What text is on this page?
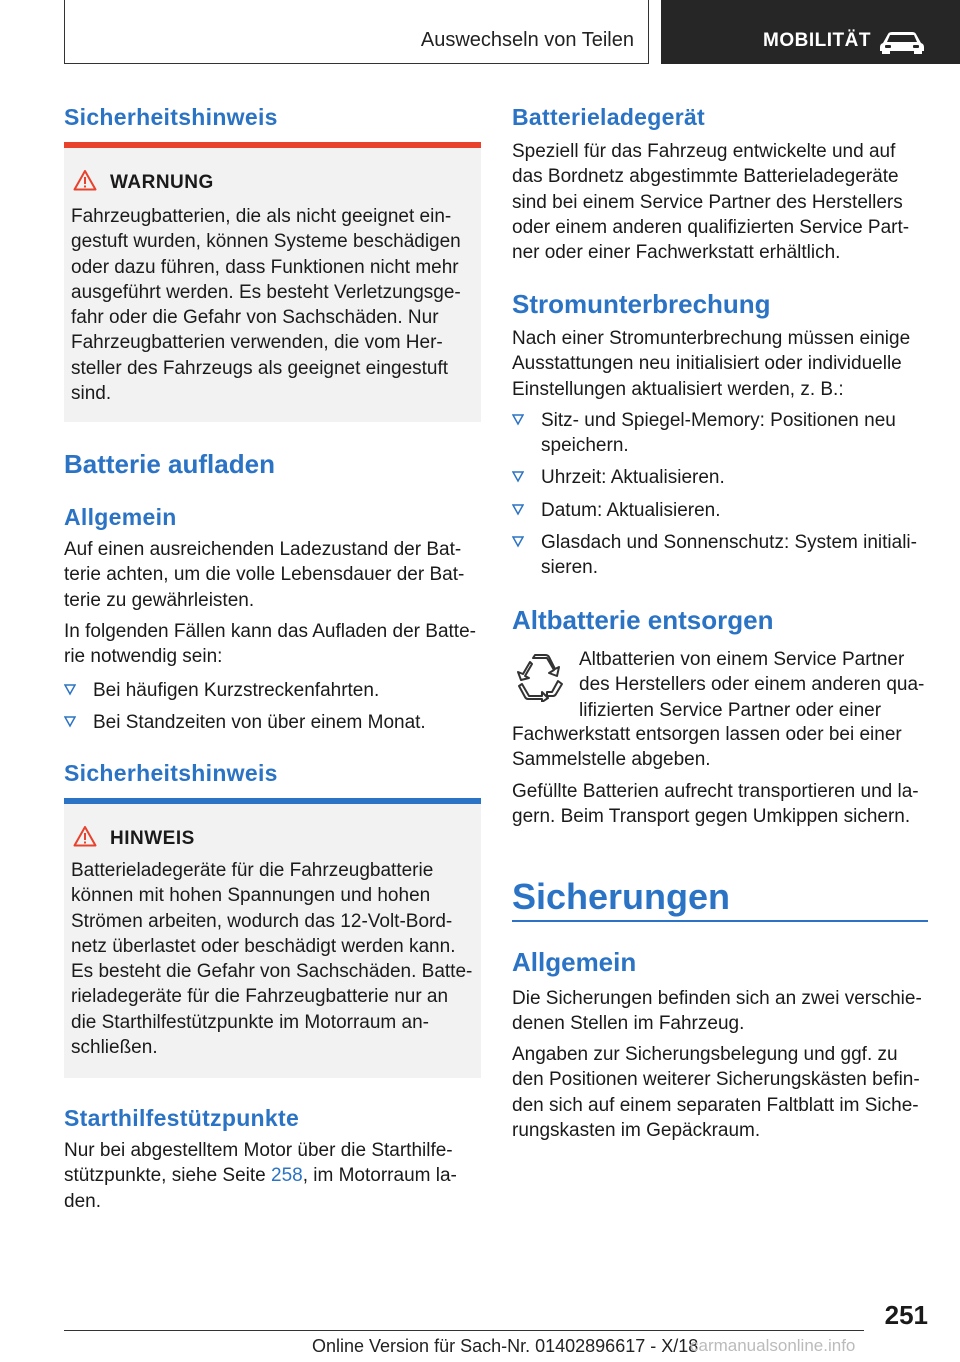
Auswechseln von Teilen	MOBILITÄT
Sicherheitshinweis
WARNUNG
Fahrzeugbatterien, die als nicht geeignet ein-
gestuft wurden, können Systeme beschädigen
oder dazu führen, dass Funktionen nicht mehr
ausgeführt werden. Es besteht Verletzungsge-
fahr oder die Gefahr von Sachschäden. Nur
Fahrzeugbatterien verwenden, die vom Her-
steller des Fahrzeugs als geeignet eingestuft
sind.
Batterie aufladen
Allgemein
Auf einen ausreichenden Ladezustand der Bat-
terie achten, um die volle Lebensdauer der Bat-
terie zu gewährleisten.
In folgenden Fällen kann das Aufladen der Batte-
rie notwendig sein:
Bei häufigen Kurzstreckenfahrten.
Bei Standzeiten von über einem Monat.
Sicherheitshinweis
HINWEIS
Batterieladegeräte für die Fahrzeugbatterie
können mit hohen Spannungen und hohen
Strömen arbeiten, wodurch das 12-Volt-Bord-
netz überlastet oder beschädigt werden kann.
Es besteht die Gefahr von Sachschäden. Batte-
rieladegeräte für die Fahrzeugbatterie nur an
die Starthilfestützpunkte im Motorraum an-
schließen.
Starthilfestützpunkte
Nur bei abgestelltem Motor über die Starthilfe-
stützpunkte, siehe Seite 258, im Motorraum la-
den.
Batterieladegerät
Speziell für das Fahrzeug entwickelte und auf
das Bordnetz abgestimmte Batterieladegeräte
sind bei einem Service Partner des Herstellers
oder einem anderen qualifizierten Service Part-
ner oder einer Fachwerkstatt erhältlich.
Stromunterbrechung
Nach einer Stromunterbrechung müssen einige
Ausstattungen neu initialisiert oder individuelle
Einstellungen aktualisiert werden, z. B.:
Sitz- und Spiegel-Memory: Positionen neu
speichern.
Uhrzeit: Aktualisieren.
Datum: Aktualisieren.
Glasdach und Sonnenschutz: System initiali-
sieren.
Altbatterie entsorgen
Altbatterien von einem Service Partner
des Herstellers oder einem anderen qua-
lifizierten Service Partner oder einer
Fachwerkstatt entsorgen lassen oder bei einer
Sammelstelle abgeben.
Gefüllte Batterien aufrecht transportieren und la-
gern. Beim Transport gegen Umkippen sichern.
Sicherungen
Allgemein
Die Sicherungen befinden sich an zwei verschie-
denen Stellen im Fahrzeug.
Angaben zur Sicherungsbelegung und ggf. zu
den Positionen weiterer Sicherungskästen befin-
den sich auf einem separaten Faltblatt im Siche-
rungskasten im Gepäckraum.
251
Online Version für Sach-Nr. 01402896617 - X/18
carmanualsonline.info
